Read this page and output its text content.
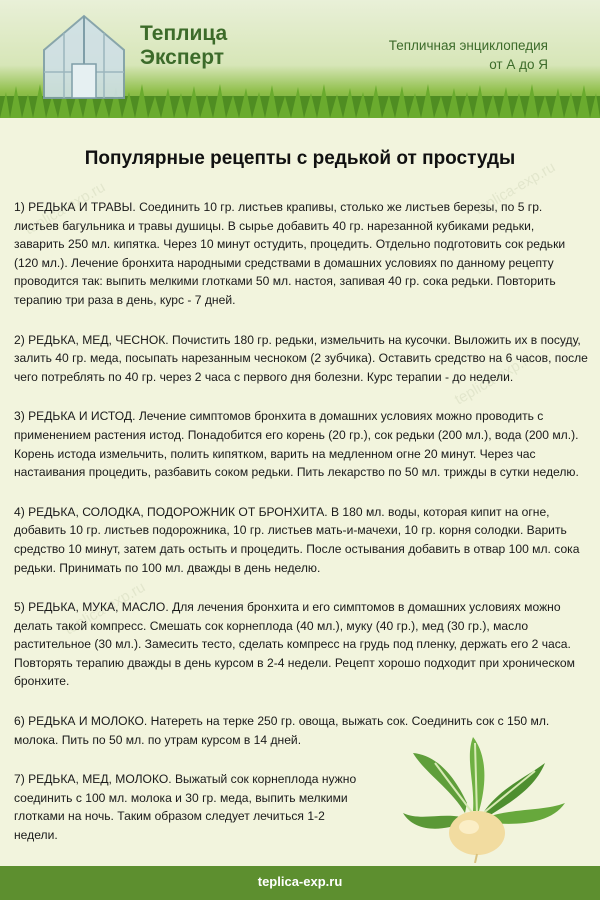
Теплица
Эксперт
Тепличная энциклопедия
от А до Я
teplica-exp.ru	teplica-exp.ru
teplica-exp.ru
teplica-exp.ru
Популярные рецепты с редькой от простуды

1) РЕДЬКА И ТРАВЫ. Соединить 10 гр. листьев крапивы, столько же листьев березы, по 5 гр. листьев багульника и травы душицы. В сырье добавить 40 гр. нарезанной кубиками редьки, заварить 250 мл. кипятка. Через 10 минут остудить, процедить. Отдельно подготовить сок редьки (120 мл.). Лечение бронхита народными средствами в домашних условиях по данному рецепту проводится так: выпить мелкими глотками 50 мл. настоя, запивая 40 гр. сока редьки. Повторить терапию три раза в день, курс - 7 дней.

2) РЕДЬКА, МЕД, ЧЕСНОК. Почистить 180 гр. редьки, измельчить на кусочки. Выложить их в посуду, залить 40 гр. меда, посыпать нарезанным чесноком (2 зубчика). Оставить средство на 6 часов, после чего потреблять по 40 гр. через 2 часа с первого дня болезни. Курс терапии - до недели.

3) РЕДЬКА И ИСТОД. Лечение симптомов бронхита в домашних условиях можно проводить с применением растения истод. Понадобится его корень (20 гр.), сок редьки (200 мл.), вода (200 мл.). Корень истода измельчить, полить кипятком, варить на медленном огне 20 минут. Через час настаивания процедить, разбавить соком редьки. Пить лекарство по 50 мл. трижды в сутки неделю.

4) РЕДЬКА, СОЛОДКА, ПОДОРОЖНИК ОТ БРОНХИТА. В 180 мл. воды, которая кипит на огне, добавить 10 гр. листьев подорожника, 10 гр. листьев мать-и-мачехи, 10 гр. корня солодки. Варить средство 10 минут, затем дать остыть и процедить. После остывания добавить в отвар 100 мл. сока редьки. Принимать по 100 мл. дважды в день неделю.

5) РЕДЬКА, МУКА, МАСЛО. Для лечения бронхита и его симптомов в домашних условиях можно делать такой компресс. Смешать сок корнеплода (40 мл.), муку (40 гр.), мед (30 гр.), масло растительное (30 мл.). Замесить тесто, сделать компресс на грудь под пленку, держать его 2 часа. Повторять терапию дважды в день курсом в 2-4 недели. Рецепт хорошо подходит при хроническом бронхите.

6) РЕДЬКА И МОЛОКО. Натереть на терке 250 гр. овоща, выжать сок. Соединить сок с 150 мл. молока. Пить по 50 мл. по утрам курсом в 14 дней.

7) РЕДЬКА, МЕД, МОЛОКО. Выжатый сок корнеплода нужно соединить с 100 мл. молока и 30 гр. меда, выпить мелкими глотками на ночь. Таким образом следует лечиться 1-2 недели.

teplica-exp.ru
